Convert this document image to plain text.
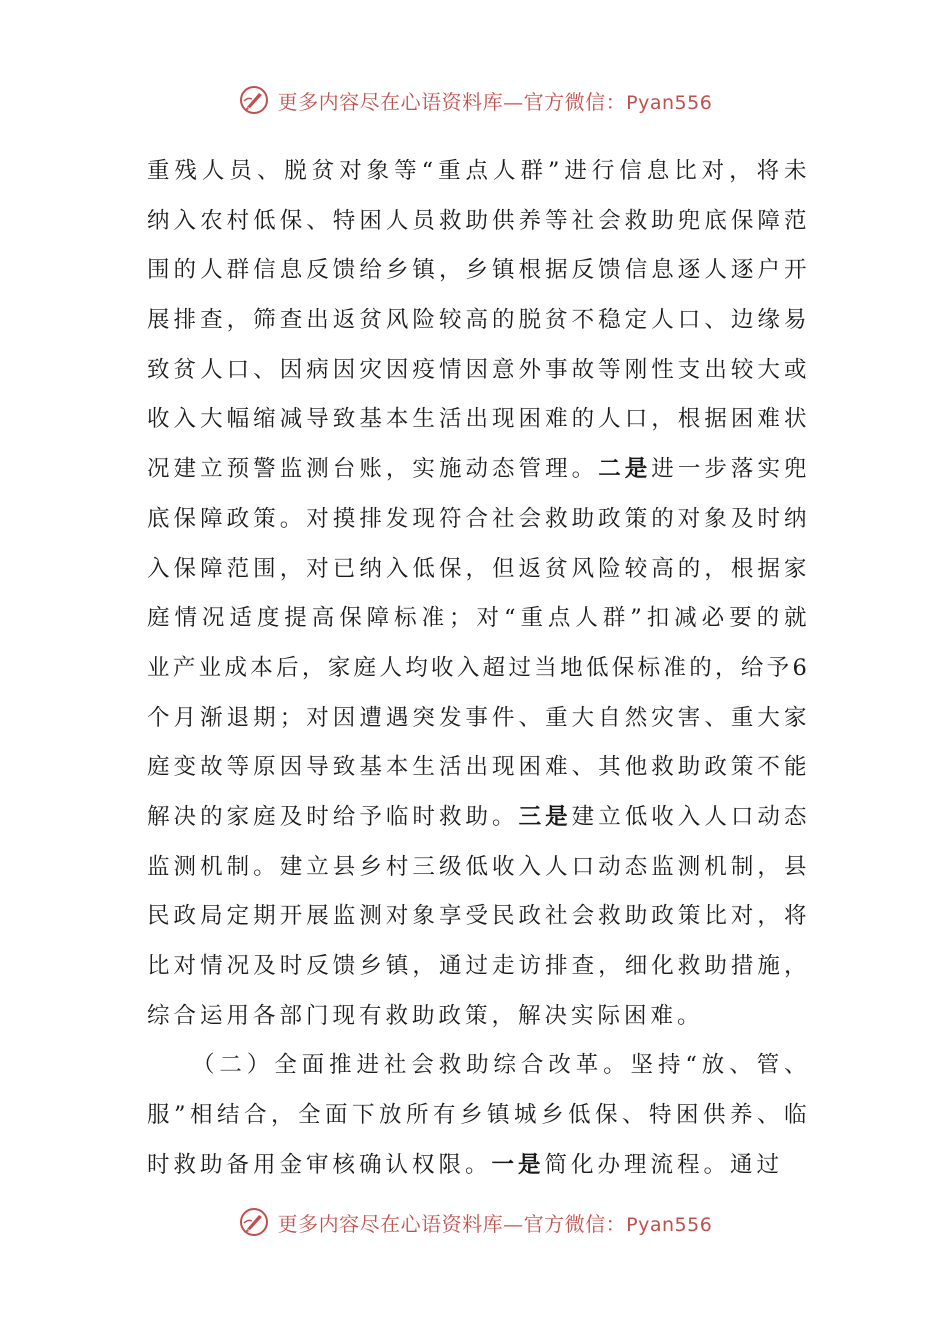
更多内容尽在心语资料库—官方微信：Pyan556
重残人员、脱贫对象等“重点人群”进行信息比对，将未
纳入农村低保、特困人员救助供养等社会救助兜底保障范
围的人群信息反馈给乡镇，乡镇根据反馈信息逐人逐户开
展排查，筛查出返贫风险较高的脱贫不稳定人口、边缘易
致贫人口、因病因灾因疫情因意外事故等刚性支出较大或
收入大幅缩减导致基本生活出现困难的人口，根据困难状
况建立预警监测台账，实施动态管理。二是进一步落实兜
底保障政策。对摸排发现符合社会救助政策的对象及时纳
入保障范围，对已纳入低保，但返贫风险较高的，根据家
庭情况适度提高保障标准；对“重点人群”扣减必要的就
业产业成本后，家庭人均收入超过当地低保标准的，给予6
个月渐退期；对因遭遇突发事件、重大自然灾害、重大家
庭变故等原因导致基本生活出现困难、其他救助政策不能
解决的家庭及时给予临时救助。三是建立低收入人口动态
监测机制。建立县乡村三级低收入人口动态监测机制，县
民政局定期开展监测对象享受民政社会救助政策比对，将
比对情况及时反馈乡镇，通过走访排查，细化救助措施，
综合运用各部门现有救助政策，解决实际困难。
（二）全面推进社会救助综合改革。坚持“放、管、
服”相结合，全面下放所有乡镇城乡低保、特困供养、临
时救助备用金审核确认权限。一是简化办理流程。通过
更多内容尽在心语资料库—官方微信：Pyan556
